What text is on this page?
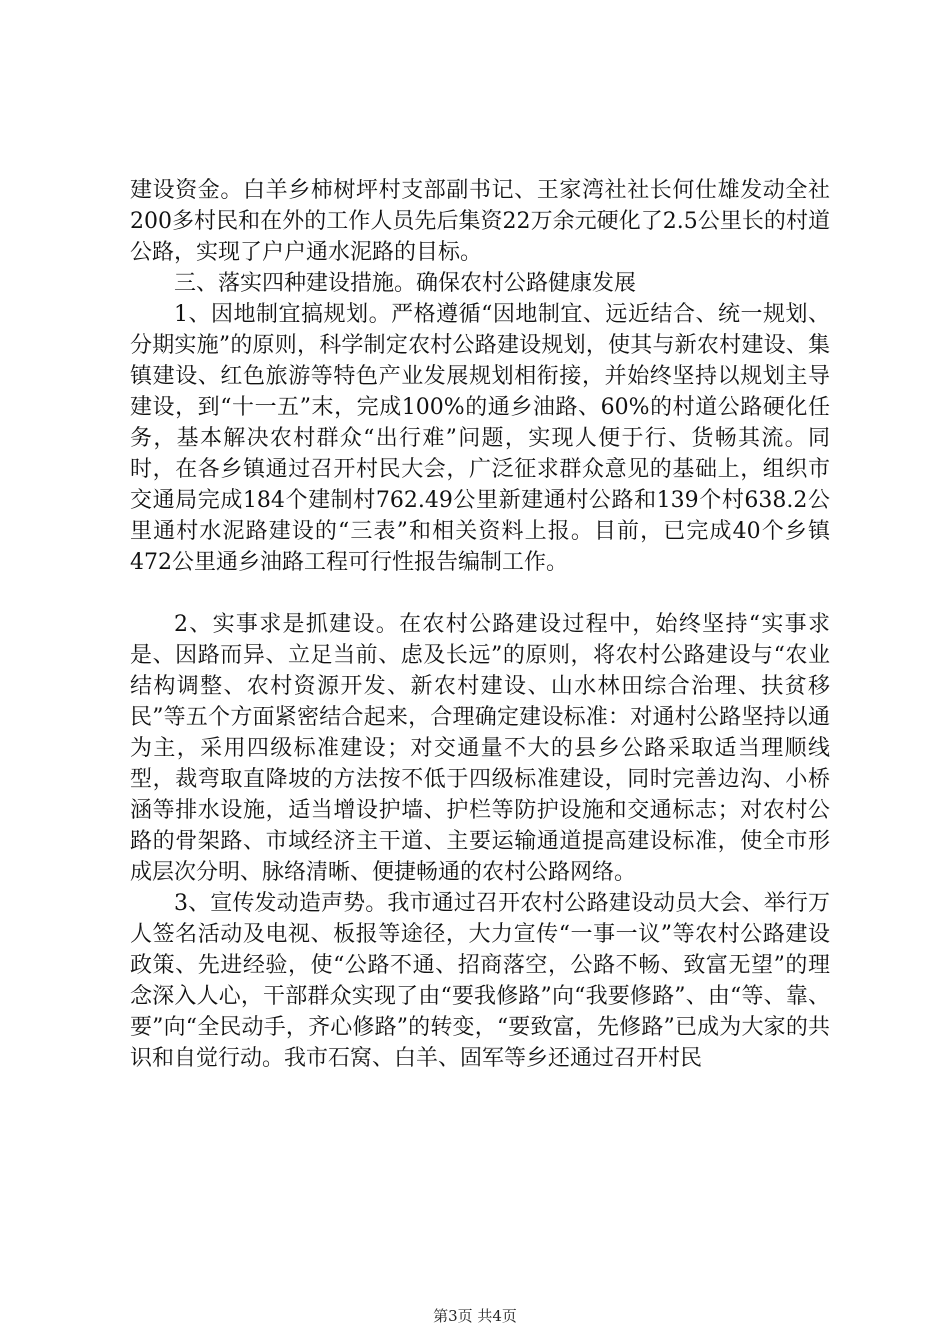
建设资金。白羊乡柿树坪村支部副书记、王家湾社社长何仕雄发动全社200多村民和在外的工作人员先后集资22万余元硬化了2.5公里长的村道公路，实现了户户通水泥路的目标。

三、落实四种建设措施。确保农村公路健康发展

1、因地制宜搞规划。严格遵循“因地制宜、远近结合、统一规划、分期实施”的原则，科学制定农村公路建设规划，使其与新农村建设、集镇建设、红色旅游等特色产业发展规划相衔接，并始终坚持以规划主导建设，到“十一五”末，完成100%的通乡油路、60%的村道公路硬化任务，基本解决农村群众“出行难”问题，实现人便于行、货畅其流。同时，在各乡镇通过召开村民大会，广泛征求群众意见的基础上，组织市交通局完成184个建制村762.49公里新建通村公路和139个村638.2公里通村水泥路建设的“三表”和相关资料上报。目前，已完成40个乡镇472公里通乡油路工程可行性报告编制工作。

2、实事求是抓建设。在农村公路建设过程中，始终坚持“实事求是、因路而异、立足当前、虑及长远”的原则，将农村公路建设与“农业结构调整、农村资源开发、新农村建设、山水林田综合治理、扶贫移民”等五个方面紧密结合起来，合理确定建设标准：对通村公路坚持以通为主，采用四级标准建设；对交通量不大的县乡公路采取适当理顺线型，裁弯取直降坡的方法按不低于四级标准建设，同时完善边沟、小桥涵等排水设施，适当增设护墙、护栏等防护设施和交通标志；对农村公路的骨架路、市域经济主干道、主要运输通道提高建设标准，使全市形成层次分明、脉络清晰、便捷畅通的农村公路网络。

3、宣传发动造声势。我市通过召开农村公路建设动员大会、举行万人签名活动及电视、板报等途径，大力宣传“一事一议”等农村公路建设政策、先进经验，使“公路不通、招商落空，公路不畅、致富无望”的理念深入人心，干部群众实现了由“要我修路”向“我要修路”、由“等、靠、要”向“全民动手，齐心修路”的转变，“要致富，先修路”已成为大家的共识和自觉行动。我市石窝、白羊、固军等乡还通过召开村民

第3页 共4页
